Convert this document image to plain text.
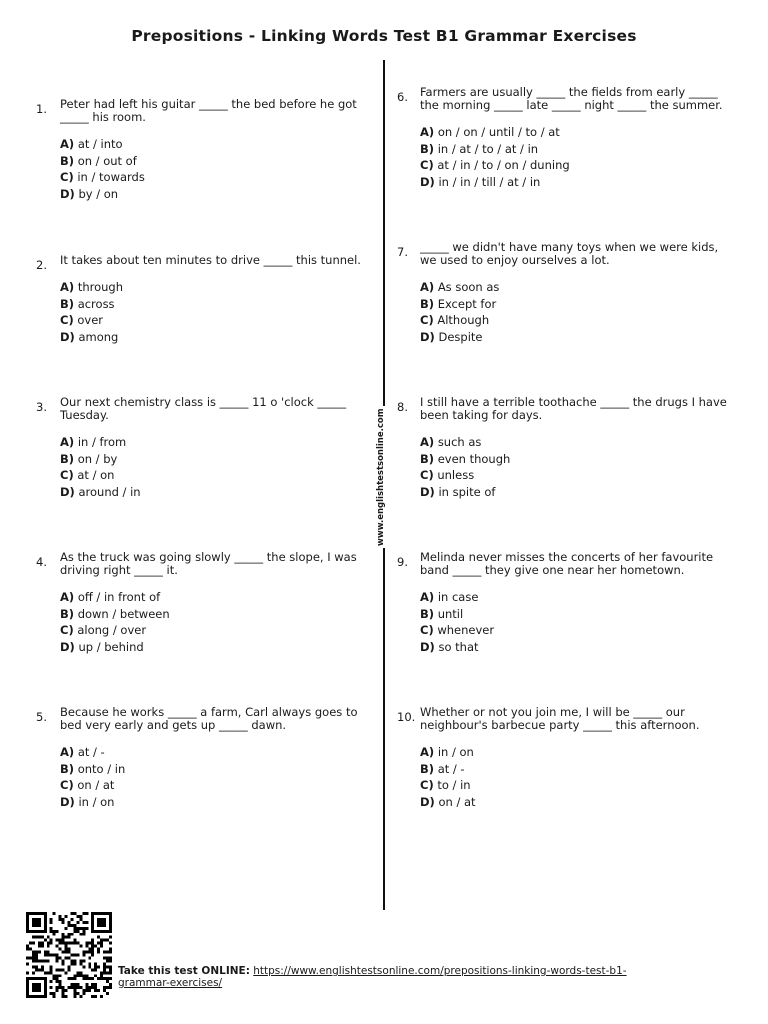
Prepositions - Linking Words Test B1 Grammar Exercises
www.englishtestsonline.com
1. Peter had left his guitar _____ the bed before he got _____ his room.

A) at / into
B) on / out of
C) in / towards
D) by / on
2. It takes about ten minutes to drive _____ this tunnel.

A) through
B) across
C) over
D) among
3. Our next chemistry class is _____ 11 o 'clock _____ Tuesday.

A) in / from
B) on / by
C) at / on
D) around / in
4. As the truck was going slowly _____ the slope, I was driving right _____ it.

A) off / in front of
B) down / between
C) along / over
D) up / behind
5. Because he works _____ a farm, Carl always goes to bed very early and gets up _____ dawn.

A) at / -
B) onto / in
C) on / at
D) in / on
6. Farmers are usually _____ the fields from early _____ the morning _____ late _____ night _____ the summer.

A) on / on / until / to / at
B) in / at / to / at / in
C) at / in / to / on / duning
D) in / in / till / at / in
7. _____ we didn't have many toys when we were kids, we used to enjoy ourselves a lot.

A) As soon as
B) Except for
C) Although
D) Despite
8. I still have a terrible toothache _____ the drugs I have been taking for days.

A) such as
B) even though
C) unless
D) in spite of
9. Melinda never misses the concerts of her favourite band _____ they give one near her hometown.

A) in case
B) until
C) whenever
D) so that
10. Whether or not you join me, I will be _____ our neighbour's barbecue party _____ this afternoon.

A) in / on
B) at / -
C) to / in
D) on / at
Take this test ONLINE: https://www.englishtestsonline.com/prepositions-linking-words-test-b1-grammar-exercises/
